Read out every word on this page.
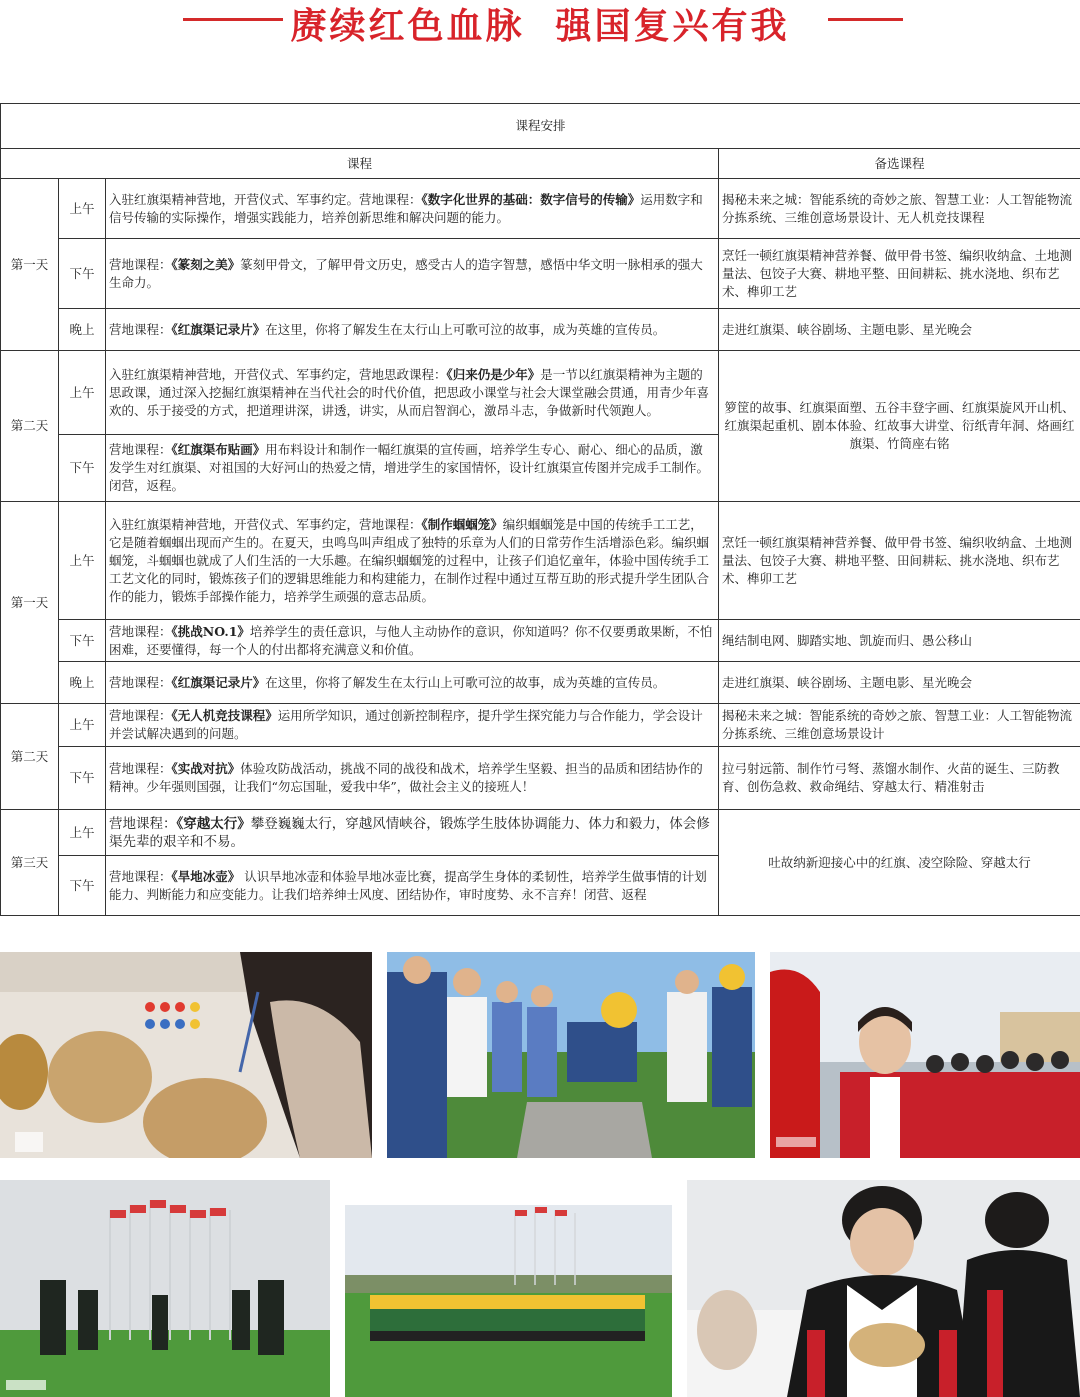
赓续红色血脉  强国复兴有我
课程安排			
课程			备选课程
第一天	上午	入驻红旗渠精神营地，开营仪式、军事约定。营地课程：《数字化世界的基础：数字信号的传输》运用数字和信号传输的实际操作，增强实践能力，培养创新思维和解决问题的能力。	揭秘未来之城：智能系统的奇妙之旅、智慧工业：人工智能物流分拣系统、三维创意场景设计、无人机竞技课程
	下午	营地课程：《篆刻之美》篆刻甲骨文，了解甲骨文历史，感受古人的造字智慧，感悟中华文明一脉相承的强大生命力。	烹饪一顿红旗渠精神营养餐、做甲骨书签、编织收纳盒、土地测量法、包饺子大赛、耕地平整、田间耕耘、挑水浇地、织布艺术、榫卯工艺
	晚上	营地课程：《红旗渠记录片》在这里，你将了解发生在太行山上可歌可泣的故事，成为英雄的宣传员。	走进红旗渠、峡谷剧场、主题电影、星光晚会
第二天	上午	入驻红旗渠精神营地，开营仪式、军事约定，营地思政课程：《归来仍是少年》是一节以红旗渠精神为主题的思政课，通过深入挖掘红旗渠精神在当代社会的时代价值，把思政小课堂与社会大课堂融会贯通，用青少年喜欢的、乐于接受的方式，把道理讲深，讲透，讲实，从而启智润心，激昂斗志，争做新时代领跑人。	箩筐的故事、红旗渠面塑、五谷丰登字画、红旗渠旋风开山机、红旗渠起重机、剧本体验、红故事大讲堂、衍纸青年洞、烙画红旗渠、竹筒座右铭
	下午	营地课程：《红旗渠布贴画》用布料设计和制作一幅红旗渠的宣传画，培养学生专心、耐心、细心的品质，激发学生对红旗渠、对祖国的大好河山的热爱之情，增进学生的家国情怀，设计红旗渠宣传图并完成手工制作。闭营，返程。	
第一天	上午	入驻红旗渠精神营地，开营仪式、军事约定，营地课程：《制作蝈蝈笼》编织蝈蝈笼是中国的传统手工工艺，它是随着蝈蝈出现而产生的。在夏天，虫鸣鸟叫声组成了独特的乐章为人们的日常劳作生活增添色彩。编织蝈蝈笼，斗蝈蝈也就成了人们生活的一大乐趣。在编织蝈蝈笼的过程中，让孩子们追忆童年，体验中国传统手工工艺文化的同时，锻炼孩子们的逻辑思维能力和构建能力，在制作过程中通过互帮互助的形式提升学生团队合作的能力，锻炼手部操作能力，培养学生顽强的意志品质。	烹饪一顿红旗渠精神营养餐、做甲骨书签、编织收纳盒、土地测量法、包饺子大赛、耕地平整、田间耕耘、挑水浇地、织布艺术、榫卯工艺
	下午	营地课程：《挑战NO.1》培养学生的责任意识，与他人主动协作的意识，你知道吗？你不仅要勇敢果断，不怕困难，还要懂得，每一个人的付出都将充满意义和价值。	绳结制电网、脚踏实地、凯旋而归、愚公移山
	晚上	营地课程：《红旗渠记录片》在这里，你将了解发生在太行山上可歌可泣的故事，成为英雄的宣传员。	走进红旗渠、峡谷剧场、主题电影、星光晚会
第二天	上午	营地课程：《无人机竞技课程》运用所学知识，通过创新控制程序，提升学生探究能力与合作能力，学会设计并尝试解决遇到的问题。	揭秘未来之城：智能系统的奇妙之旅、智慧工业：人工智能物流分拣系统、三维创意场景设计
	下午	营地课程：《实战对抗》体验攻防战活动，挑战不同的战役和战术，培养学生坚毅、担当的品质和团结协作的精神。少年强则国强，让我们“勿忘国耻，爱我中华”，做社会主义的接班人！	拉弓射远箭、制作竹弓弩、蒸馏水制作、火苗的诞生、三防教育、创伤急救、救命绳结、穿越太行、精准射击
第三天	上午	营地课程：《穿越太行》攀登巍巍太行，穿越风情峡谷，锻炼学生肢体协调能力、体力和毅力，体会修渠先辈的艰辛和不易。	吐故纳新迎接心中的红旗、凌空除险、穿越太行
	下午	营地课程：《旱地冰壶》 认识旱地冰壶和体验旱地冰壶比赛，提高学生身体的柔韧性，培养学生做事情的计划能力、判断能力和应变能力。让我们培养绅士风度、团结协作，审时度势、永不言弃！闭营、返程	
